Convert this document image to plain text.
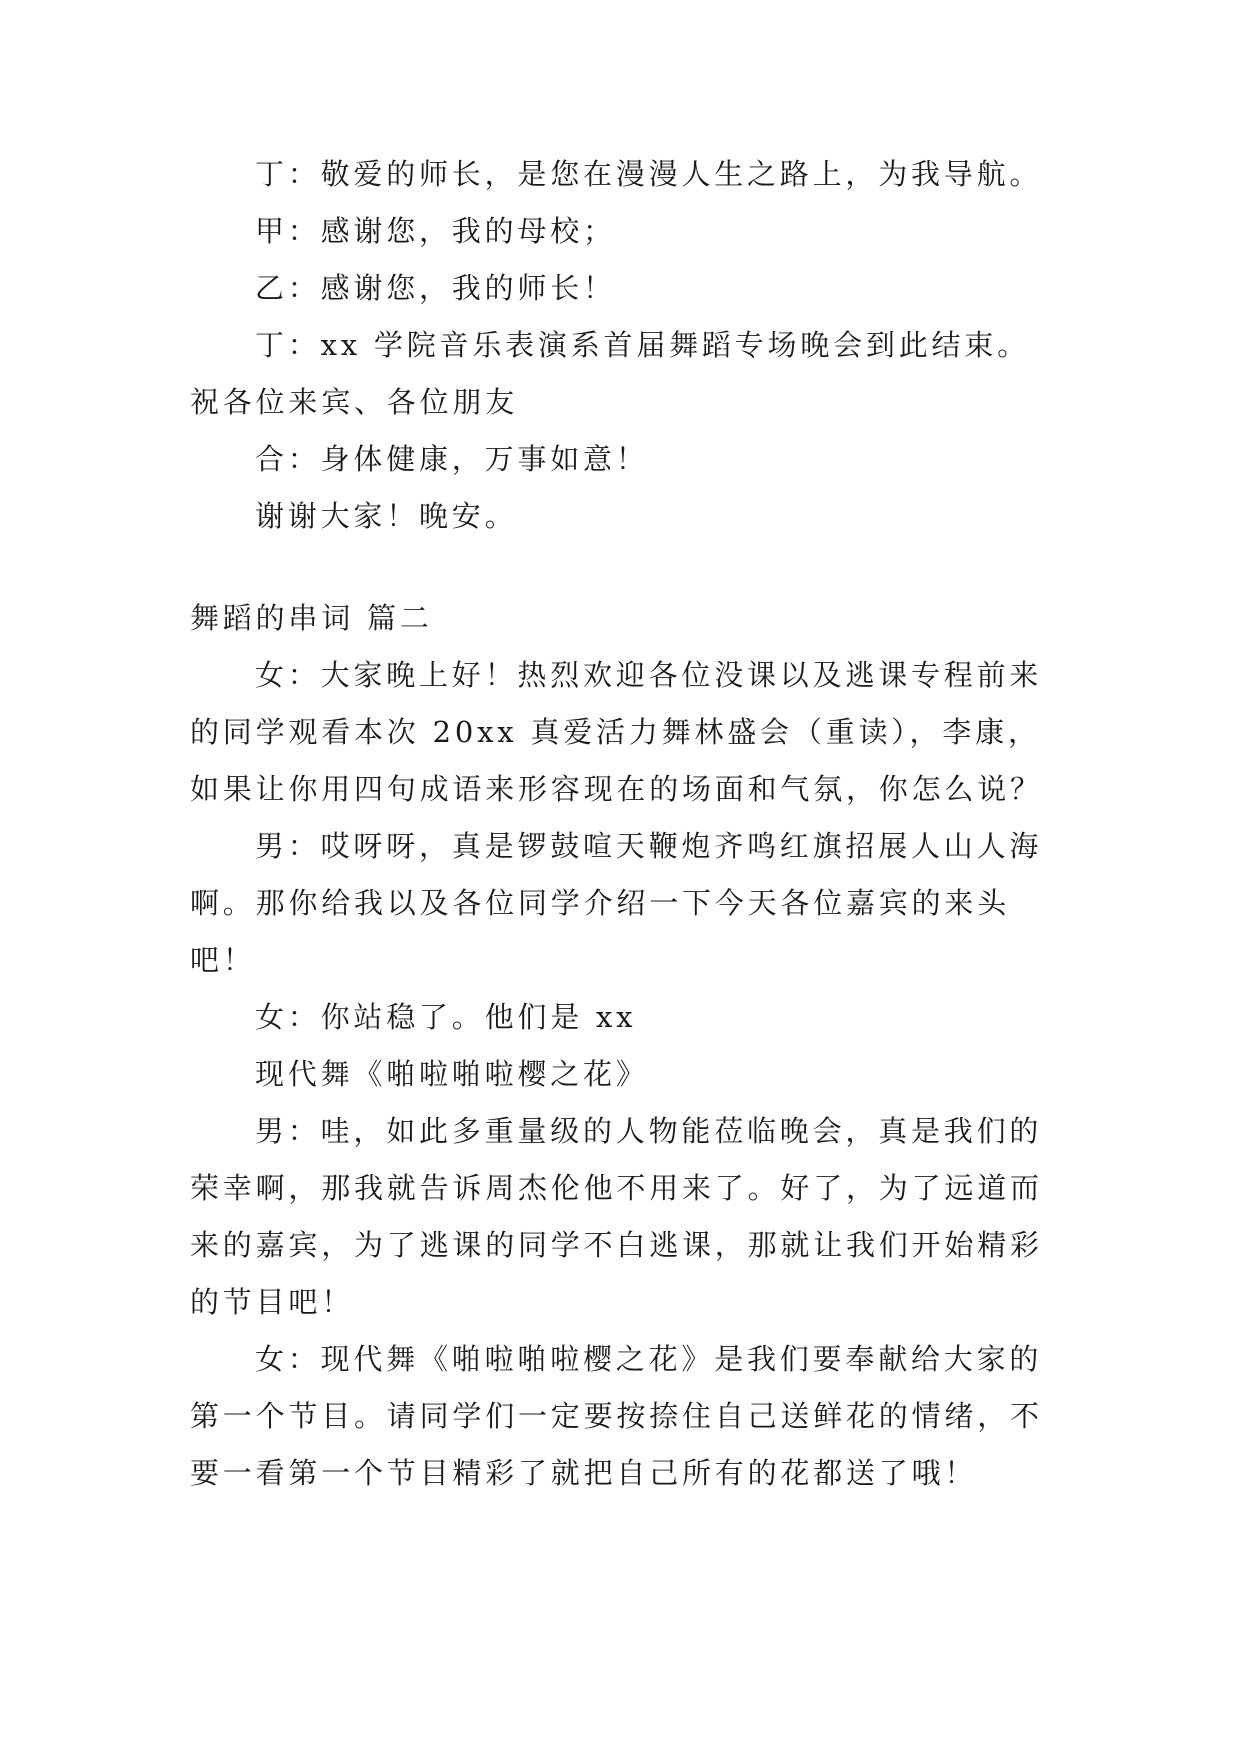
丁：敬爱的师长，是您在漫漫人生之路上，为我导航。

甲：感谢您，我的母校；

乙：感谢您，我的师长！

丁：xx 学院音乐表演系首届舞蹈专场晚会到此结束。祝各位来宾、各位朋友

合：身体健康，万事如意！

谢谢大家！晚安。

舞蹈的串词 篇二

女：大家晚上好！热烈欢迎各位没课以及逃课专程前来的同学观看本次 20xx 真爱活力舞林盛会（重读），李康，如果让你用四句成语来形容现在的场面和气氛，你怎么说？

男：哎呀呀，真是锣鼓喧天鞭炮齐鸣红旗招展人山人海啊。那你给我以及各位同学介绍一下今天各位嘉宾的来头吧！

女：你站稳了。他们是 xx

现代舞《啪啦啪啦樱之花》

男：哇，如此多重量级的人物能莅临晚会，真是我们的荣幸啊，那我就告诉周杰伦他不用来了。好了，为了远道而来的嘉宾，为了逃课的同学不白逃课，那就让我们开始精彩的节目吧！

女：现代舞《啪啦啪啦樱之花》是我们要奉献给大家的第一个节目。请同学们一定要按捺住自己送鲜花的情绪，不要一看第一个节目精彩了就把自己所有的花都送了哦！
